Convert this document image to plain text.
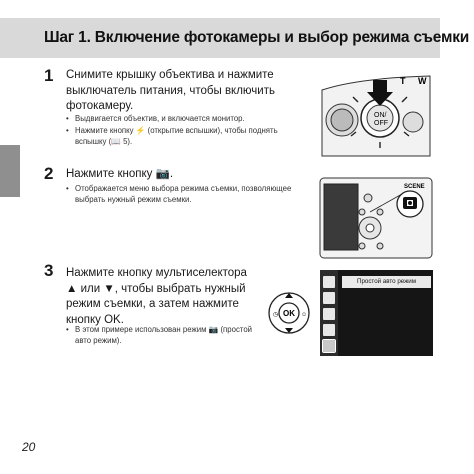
Шаг 1. Включение фотокамеры и выбор режима съемки
1 Снимите крышку объектива и нажмите
выключатель питания, чтобы включить
фотокамеру.
• Выдвигается объектив, и включается монитор.
• Нажмите кнопку ⚡ (открытие вспышки), чтобы поднять
вспышку (📖 5).
T W
ON/
OFF
2 Нажмите кнопку 📷.
• Отображается меню выбора режима съемки, позволяющее
выбрать нужный режим съемки.
SCENE
3 Нажмите кнопку мультиселектора
▲ или ▼, чтобы выбрать нужный
режим съемки, а затем нажмите
кнопку OK.
• В этом примере использован режим 📷 (простой
авто режим).
OK
◷	☺
Простой авто режим
20
